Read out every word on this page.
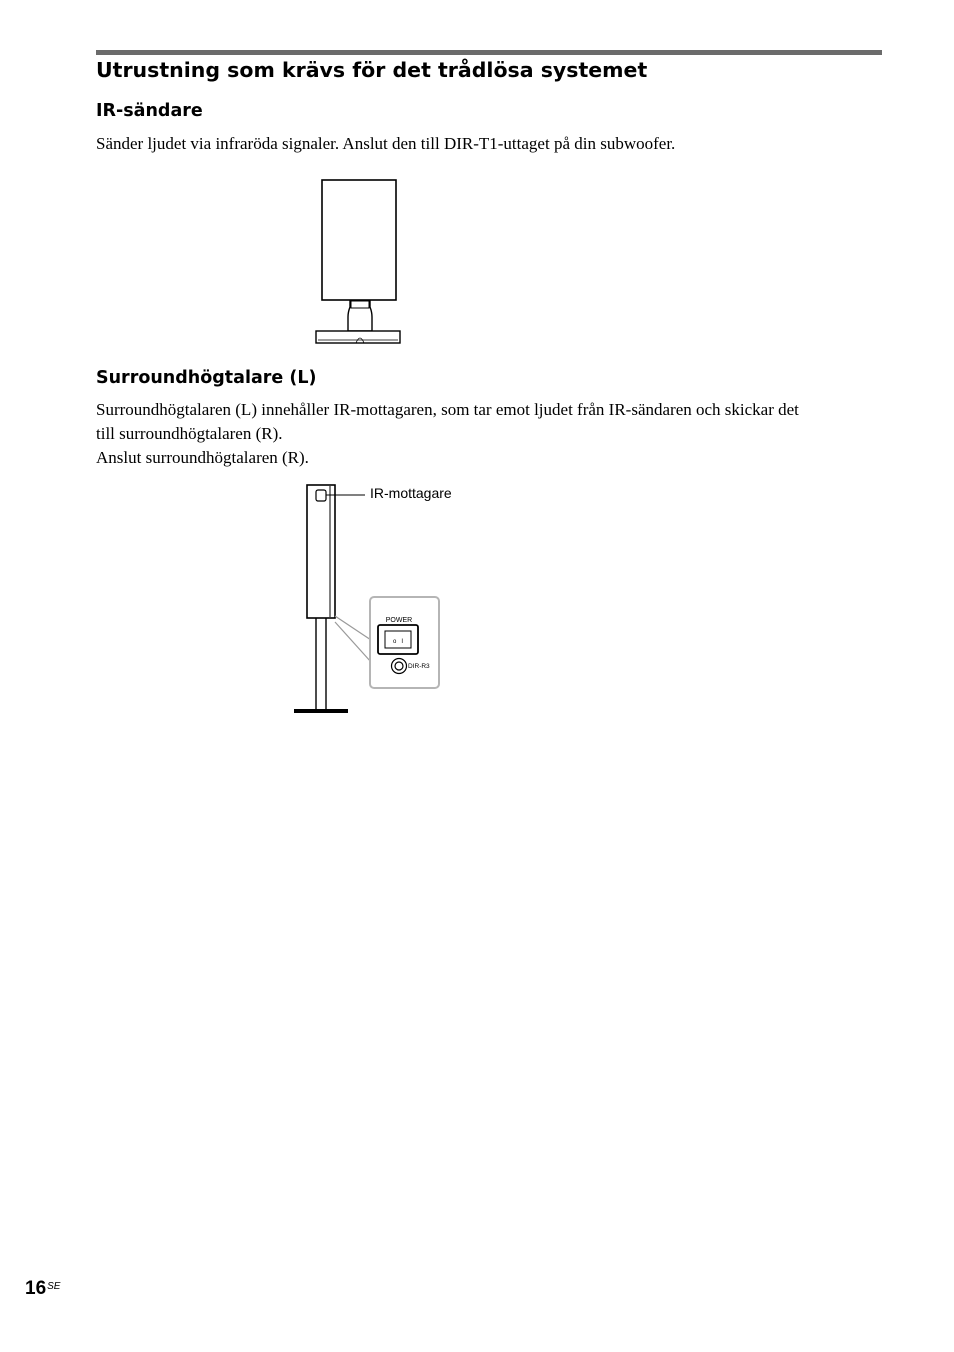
Utrustning som krävs för det trådlösa systemet
IR-sändare

Sänder ljudet via infraröda signaler. Anslut den till DIR-T1-uttaget på din subwoofer.

Surroundhögtalare (L)

Surroundhögtalaren (L) innehåller IR-mottagaren, som tar emot ljudet från IR-sändaren och skickar det
till surroundhögtalaren (R).
Anslut surroundhögtalaren (R).

POWER
o   I
DIR-R3
IR-mottagare
$16^{SE}$
